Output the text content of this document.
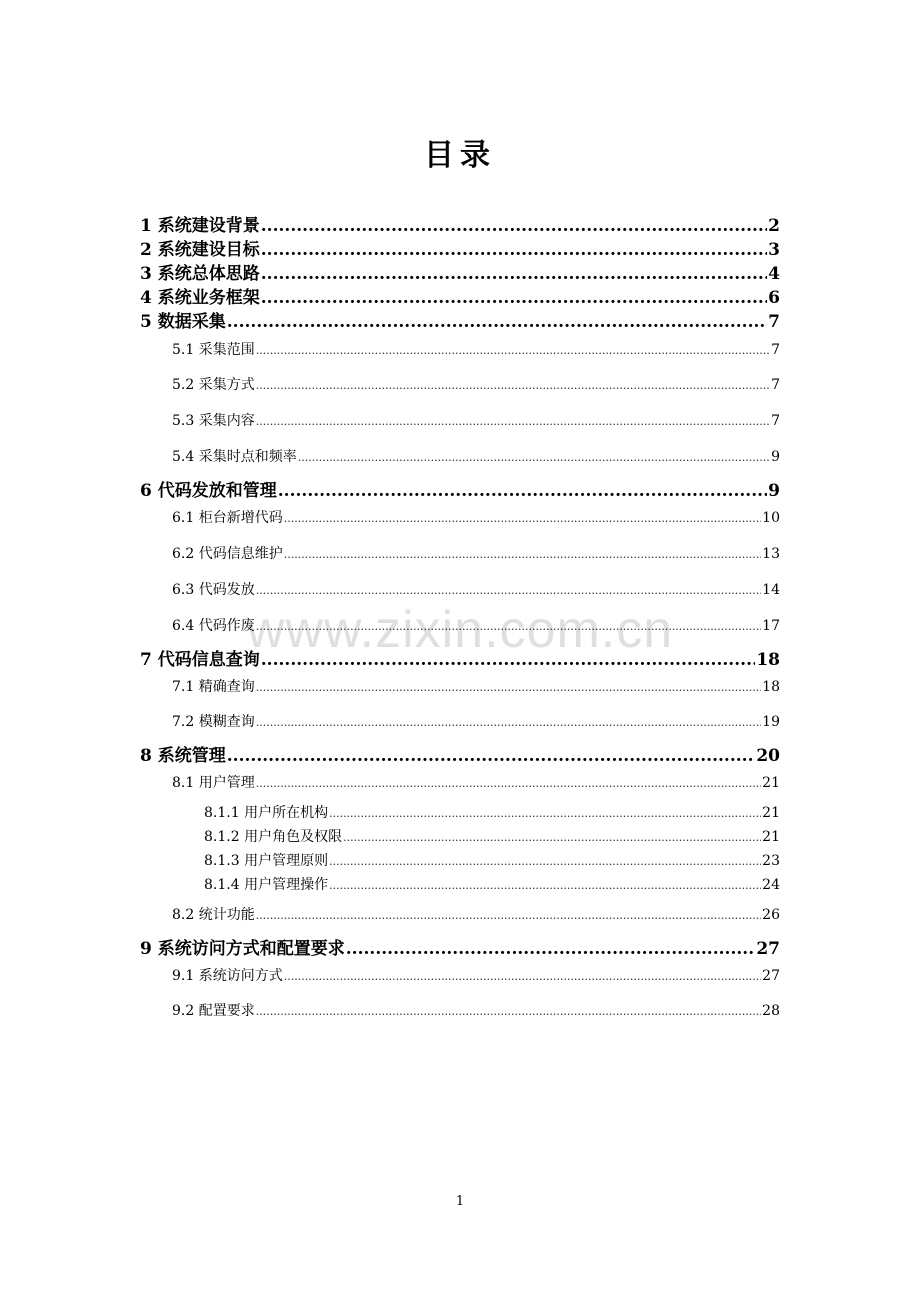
目录
1 系统建设背景 .....	2
2 系统建设目标 .....	3
3 系统总体思路 .....	4
4 系统业务框架 .....	6
5 数据采集 .....	7
5.1 采集范围 .....	7
5.2 采集方式 .....	7
5.3 采集内容 .....	7
5.4 采集时点和频率 .....	9
6 代码发放和管理 .....	9
6.1 柜台新增代码 .....	10
6.2 代码信息维护 .....	13
6.3 代码发放 .....	14
6.4 代码作废 .....	17
7 代码信息查询 .....	18
7.1 精确查询 .....	18
7.2 模糊查询 .....	19
8 系统管理 .....	20
8.1 用户管理 .....	21
8.1.1 用户所在机构 .....	21
8.1.2 用户角色及权限 .....	21
8.1.3 用户管理原则 .....	23
8.1.4 用户管理操作 .....	24
8.2 统计功能 .....	26
9 系统访问方式和配置要求 .....	27
9.1 系统访问方式 .....	27
9.2 配置要求 .....	28
www.zixin.com.cn
1
